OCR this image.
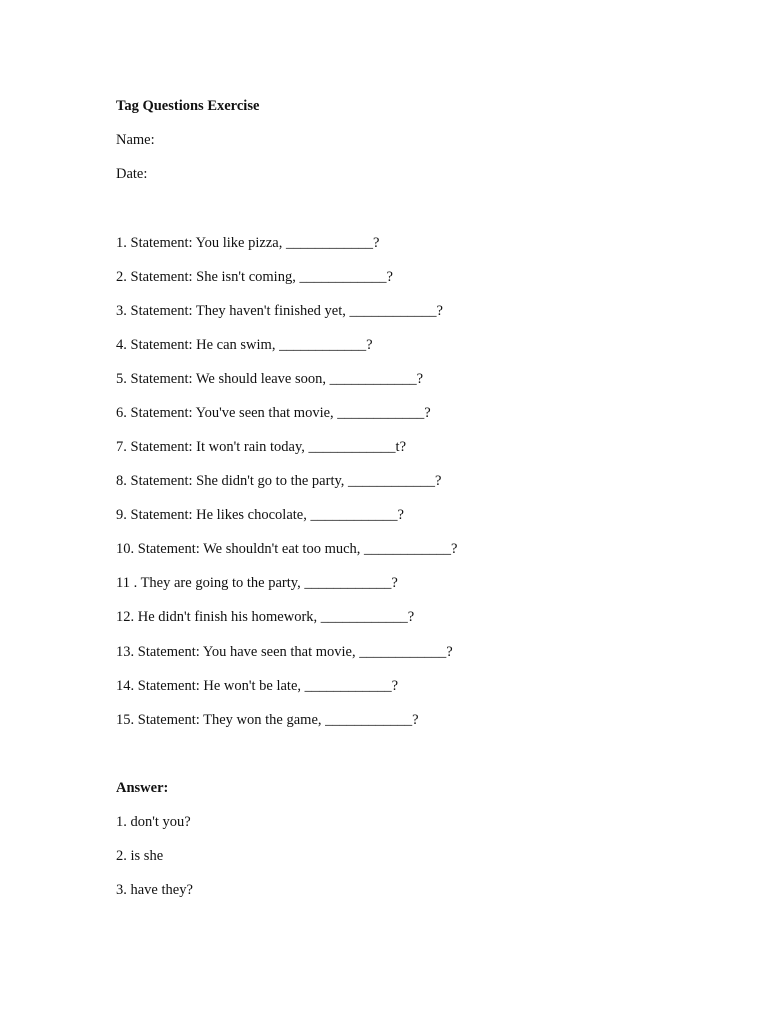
Tag Questions Exercise
Name:
Date:
1. Statement: You like pizza, ____________?
2. Statement: She isn't coming, ____________?
3. Statement: They haven't finished yet, ____________?
4. Statement: He can swim, ____________?
5. Statement: We should leave soon, ____________?
6. Statement: You've seen that movie, ____________?
7. Statement: It won't rain today, ____________t?
8. Statement: She didn't go to the party, ____________?
9. Statement: He likes chocolate, ____________?
10. Statement: We shouldn't eat too much, ____________?
11 . They are going to the party, ____________?
12. He didn't finish his homework, ____________?
13. Statement: You have seen that movie, ____________?
14. Statement: He won't be late, ____________?
15. Statement: They won the game, ____________?
Answer:
1. don't you?
2. is she
3. have they?
